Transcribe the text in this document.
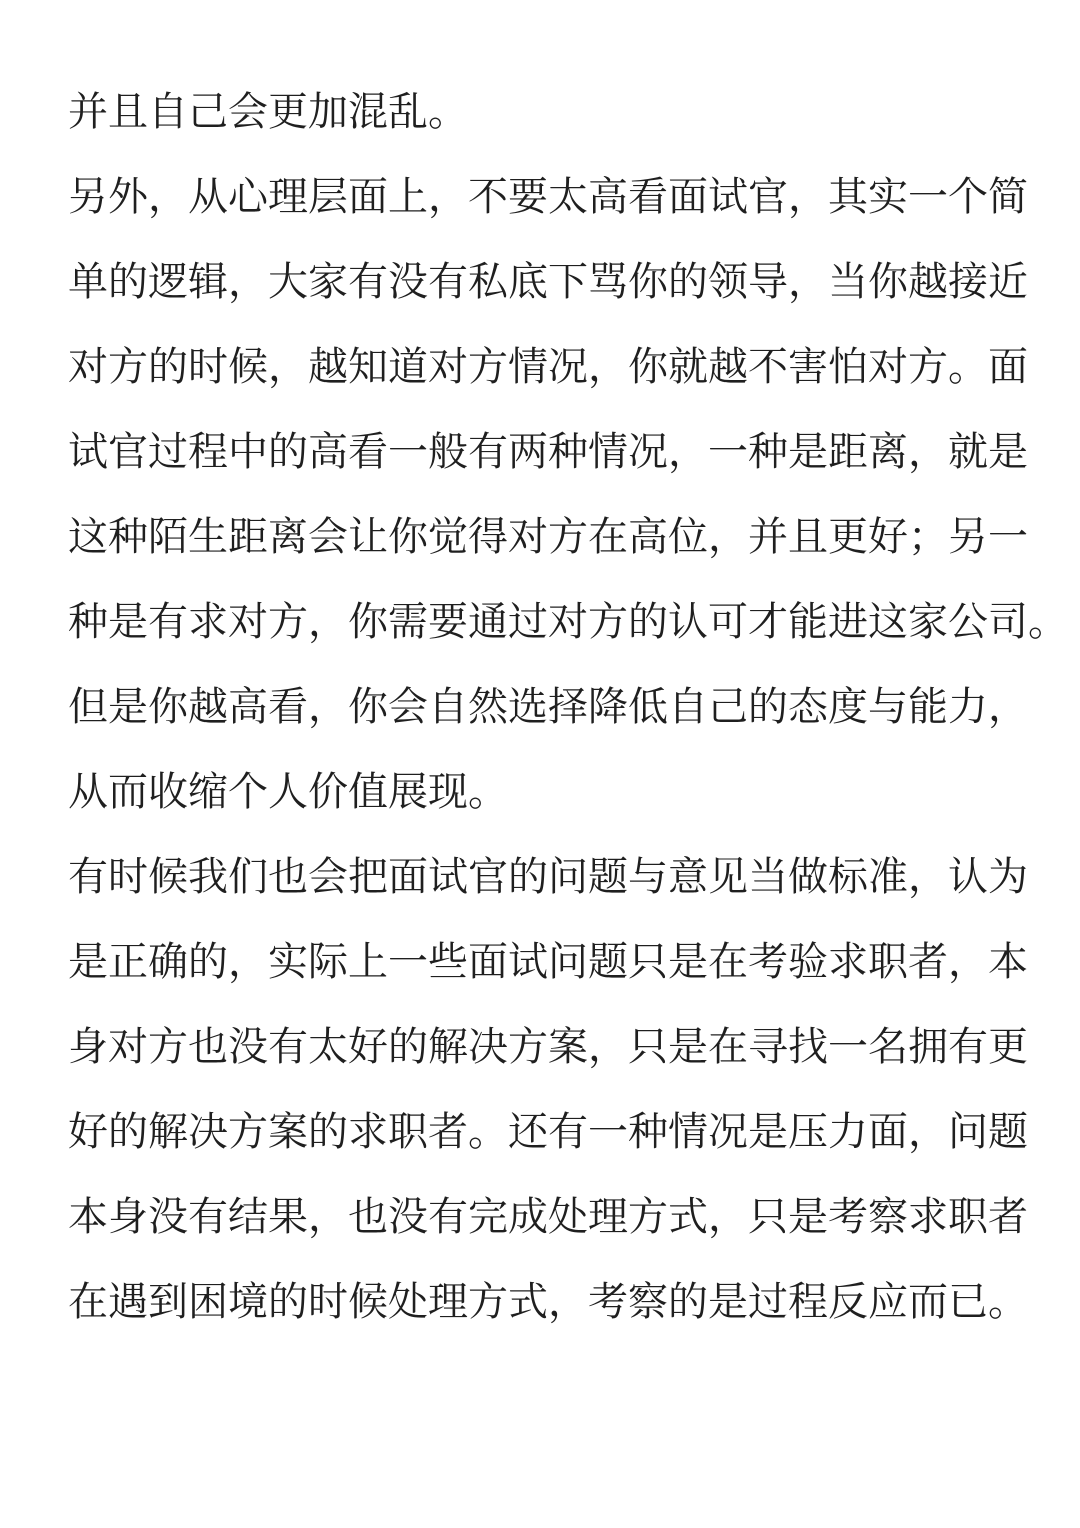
并且自己会更加混乱。
另外，从心理层面上，不要太高看面试官，其实一个简
单的逻辑，大家有没有私底下骂你的领导，当你越接近
对方的时候，越知道对方情况，你就越不害怕对方。面
试官过程中的高看一般有两种情况，一种是距离，就是
这种陌生距离会让你觉得对方在高位，并且更好；另一
种是有求对方，你需要通过对方的认可才能进这家公司。
但是你越高看，你会自然选择降低自己的态度与能力，
从而收缩个人价值展现。
有时候我们也会把面试官的问题与意见当做标准，认为
是正确的，实际上一些面试问题只是在考验求职者，本
身对方也没有太好的解决方案，只是在寻找一名拥有更
好的解决方案的求职者。还有一种情况是压力面，问题
本身没有结果，也没有完成处理方式，只是考察求职者
在遇到困境的时候处理方式，考察的是过程反应而已。
